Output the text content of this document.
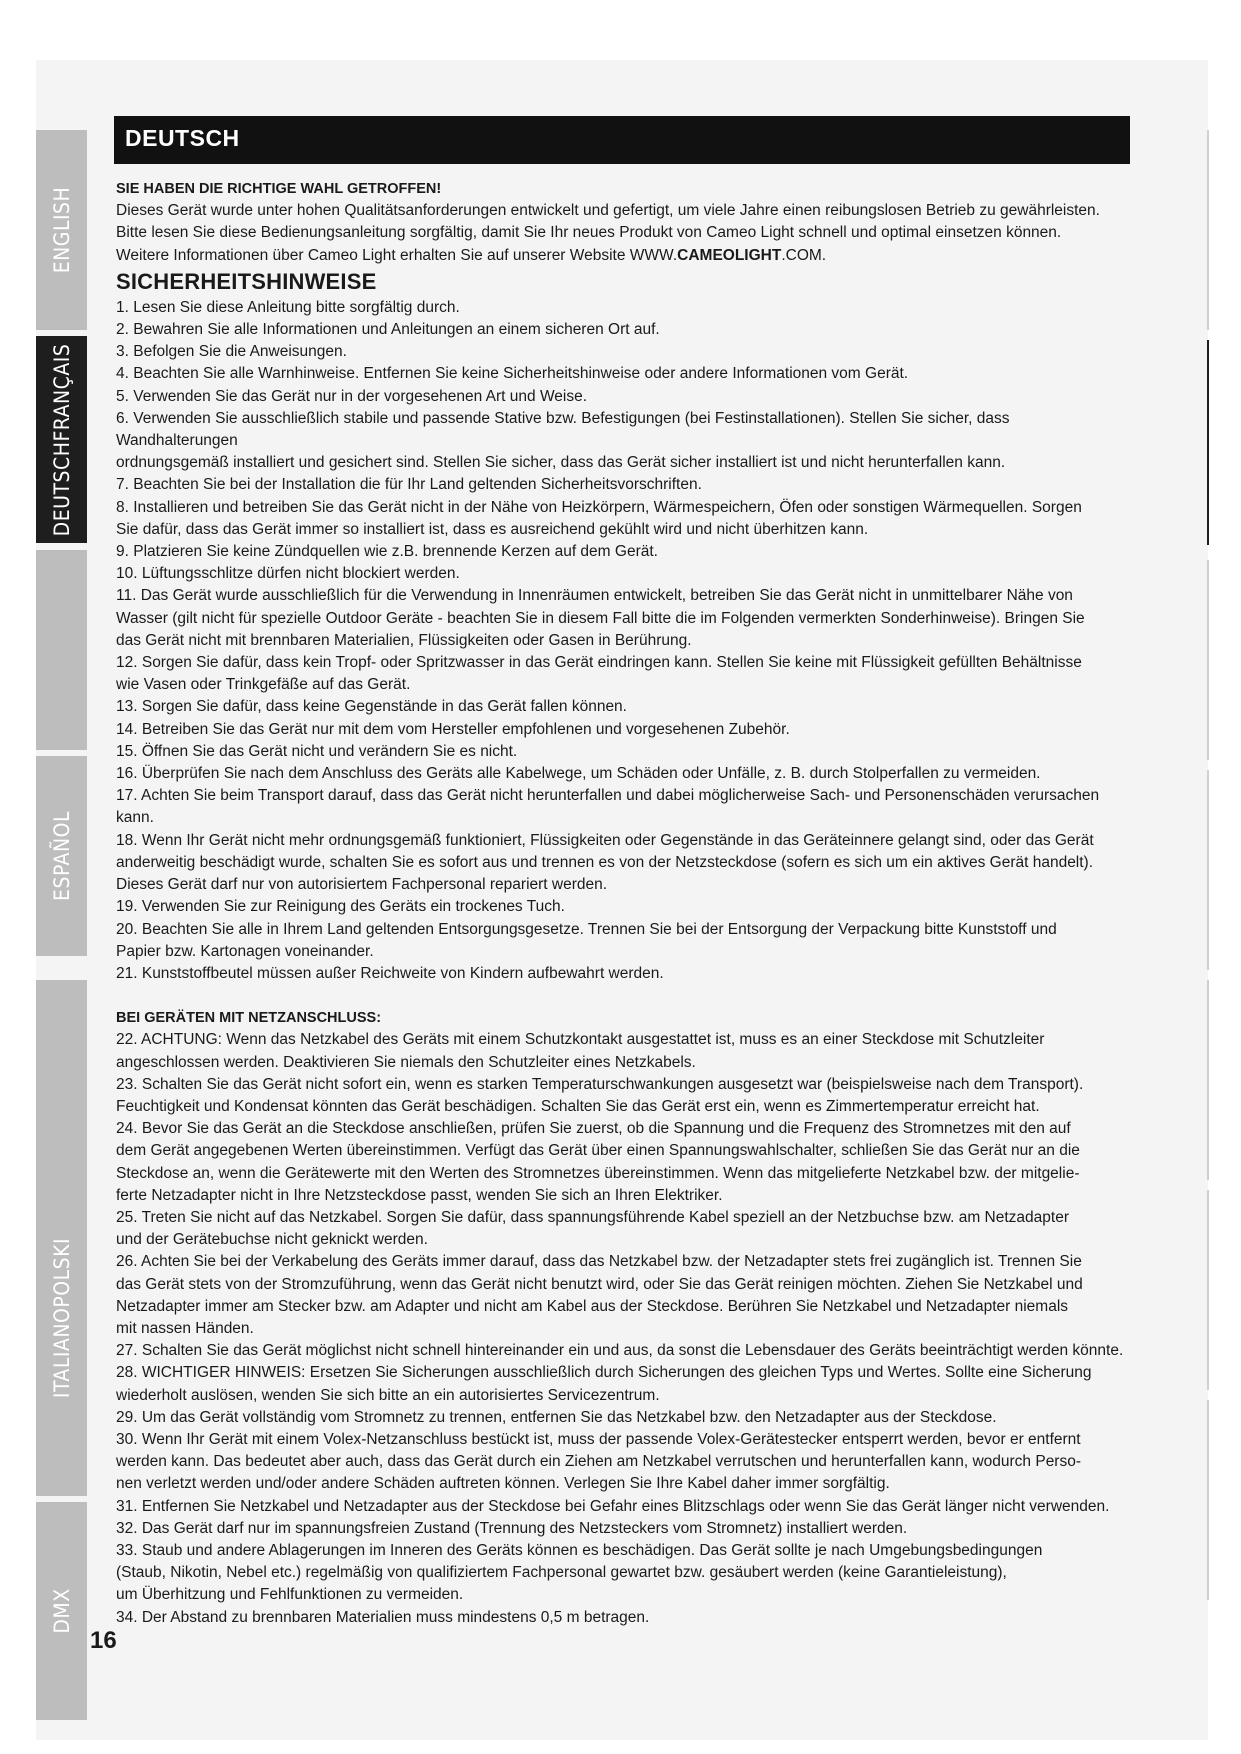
ENGLISH
DEUTSCHFRANÇAIS
ESPAÑOL
ITALIANOPOLSKI
DMX
DEUTSCH

SIE HABEN DIE RICHTIGE WAHL GETROFFEN!

Dieses Gerät wurde unter hohen Qualitätsanforderungen entwickelt und gefertigt, um viele Jahre einen reibungslosen Betrieb zu gewährleisten.

Bitte lesen Sie diese Bedienungsanleitung sorgfältig, damit Sie Ihr neues Produkt von Cameo Light schnell und optimal einsetzen können.

Weitere Informationen über Cameo Light erhalten Sie auf unserer Website WWW.CAMEOLIGHT.COM.

SICHERHEITSHINWEISE

1. Lesen Sie diese Anleitung bitte sorgfältig durch.

2. Bewahren Sie alle Informationen und Anleitungen an einem sicheren Ort auf.

3. Befolgen Sie die Anweisungen.

4. Beachten Sie alle Warnhinweise. Entfernen Sie keine Sicherheitshinweise oder andere Informationen vom Gerät.

5. Verwenden Sie das Gerät nur in der vorgesehenen Art und Weise.

6. Verwenden Sie ausschließlich stabile und passende Stative bzw. Befestigungen (bei Festinstallationen). Stellen Sie sicher, dass Wandhalterungen

ordnungsgemäß installiert und gesichert sind. Stellen Sie sicher, dass das Gerät sicher installiert ist und nicht herunterfallen kann.

7. Beachten Sie bei der Installation die für Ihr Land geltenden Sicherheitsvorschriften.

8. Installieren und betreiben Sie das Gerät nicht in der Nähe von Heizkörpern, Wärmespeichern, Öfen oder sonstigen Wärmequellen. Sorgen

Sie dafür, dass das Gerät immer so installiert ist, dass es ausreichend gekühlt wird und nicht überhitzen kann.

9. Platzieren Sie keine Zündquellen wie z.B. brennende Kerzen auf dem Gerät.

10. Lüftungsschlitze dürfen nicht blockiert werden.

11. Das Gerät wurde ausschließlich für die Verwendung in Innenräumen entwickelt, betreiben Sie das Gerät nicht in unmittelbarer Nähe von

Wasser (gilt nicht für spezielle Outdoor Geräte - beachten Sie in diesem Fall bitte die im Folgenden vermerkten Sonderhinweise). Bringen Sie

das Gerät nicht mit brennbaren Materialien, Flüssigkeiten oder Gasen in Berührung.

12. Sorgen Sie dafür, dass kein Tropf- oder Spritzwasser in das Gerät eindringen kann. Stellen Sie keine mit Flüssigkeit gefüllten Behältnisse

wie Vasen oder Trinkgefäße auf das Gerät.

13. Sorgen Sie dafür, dass keine Gegenstände in das Gerät fallen können.

14. Betreiben Sie das Gerät nur mit dem vom Hersteller empfohlenen und vorgesehenen Zubehör.

15. Öffnen Sie das Gerät nicht und verändern Sie es nicht.

16. Überprüfen Sie nach dem Anschluss des Geräts alle Kabelwege, um Schäden oder Unfälle, z. B. durch Stolperfallen zu vermeiden.

17. Achten Sie beim Transport darauf, dass das Gerät nicht herunterfallen und dabei möglicherweise Sach- und Personenschäden verursachen kann.

18. Wenn Ihr Gerät nicht mehr ordnungsgemäß funktioniert, Flüssigkeiten oder Gegenstände in das Geräteinnere gelangt sind, oder das Gerät

anderweitig beschädigt wurde, schalten Sie es sofort aus und trennen es von der Netzsteckdose (sofern es sich um ein aktives Gerät handelt).

Dieses Gerät darf nur von autorisiertem Fachpersonal repariert werden.

19. Verwenden Sie zur Reinigung des Geräts ein trockenes Tuch.

20. Beachten Sie alle in Ihrem Land geltenden Entsorgungsgesetze. Trennen Sie bei der Entsorgung der Verpackung bitte Kunststoff und

Papier bzw. Kartonagen voneinander.

21. Kunststoffbeutel müssen außer Reichweite von Kindern aufbewahrt werden.

BEI GERÄTEN MIT NETZANSCHLUSS:

22. ACHTUNG: Wenn das Netzkabel des Geräts mit einem Schutzkontakt ausgestattet ist, muss es an einer Steckdose mit Schutzleiter

angeschlossen werden. Deaktivieren Sie niemals den Schutzleiter eines Netzkabels.

23. Schalten Sie das Gerät nicht sofort ein, wenn es starken Temperaturschwankungen ausgesetzt war (beispielsweise nach dem Transport).

Feuchtigkeit und Kondensat könnten das Gerät beschädigen. Schalten Sie das Gerät erst ein, wenn es Zimmertemperatur erreicht hat.

24. Bevor Sie das Gerät an die Steckdose anschließen, prüfen Sie zuerst, ob die Spannung und die Frequenz des Stromnetzes mit den auf

dem Gerät angegebenen Werten übereinstimmen. Verfügt das Gerät über einen Spannungswahlschalter, schließen Sie das Gerät nur an die

Steckdose an, wenn die Gerätewerte mit den Werten des Stromnetzes übereinstimmen. Wenn das mitgelieferte Netzkabel bzw. der mitgelie-

ferte Netzadapter nicht in Ihre Netzsteckdose passt, wenden Sie sich an Ihren Elektriker.

25. Treten Sie nicht auf das Netzkabel. Sorgen Sie dafür, dass spannungsführende Kabel speziell an der Netzbuchse bzw. am Netzadapter

und der Gerätebuchse nicht geknickt werden.

26. Achten Sie bei der Verkabelung des Geräts immer darauf, dass das Netzkabel bzw. der Netzadapter stets frei zugänglich ist. Trennen Sie

das Gerät stets von der Stromzuführung, wenn das Gerät nicht benutzt wird, oder Sie das Gerät reinigen möchten. Ziehen Sie Netzkabel und

Netzadapter immer am Stecker bzw. am Adapter und nicht am Kabel aus der Steckdose. Berühren Sie Netzkabel und Netzadapter niemals

mit nassen Händen.

27. Schalten Sie das Gerät möglichst nicht schnell hintereinander ein und aus, da sonst die Lebensdauer des Geräts beeinträchtigt werden könnte.

28. WICHTIGER HINWEIS: Ersetzen Sie Sicherungen ausschließlich durch Sicherungen des gleichen Typs und Wertes. Sollte eine Sicherung

wiederholt auslösen, wenden Sie sich bitte an ein autorisiertes Servicezentrum.

29. Um das Gerät vollständig vom Stromnetz zu trennen, entfernen Sie das Netzkabel bzw. den Netzadapter aus der Steckdose.

30. Wenn Ihr Gerät mit einem Volex-Netzanschluss bestückt ist, muss der passende Volex-Gerätestecker entsperrt werden, bevor er entfernt

werden kann. Das bedeutet aber auch, dass das Gerät durch ein Ziehen am Netzkabel verrutschen und herunterfallen kann, wodurch Perso-

nen verletzt werden und/oder andere Schäden auftreten können. Verlegen Sie Ihre Kabel daher immer sorgfältig.

31. Entfernen Sie Netzkabel und Netzadapter aus der Steckdose bei Gefahr eines Blitzschlags oder wenn Sie das Gerät länger nicht verwenden.

32. Das Gerät darf nur im spannungsfreien Zustand (Trennung des Netzsteckers vom Stromnetz) installiert werden.

33. Staub und andere Ablagerungen im Inneren des Geräts können es beschädigen. Das Gerät sollte je nach Umgebungsbedingungen

(Staub, Nikotin, Nebel etc.) regelmäßig von qualifiziertem Fachpersonal gewartet bzw. gesäubert werden (keine Garantieleistung),

um Überhitzung und Fehlfunktionen zu vermeiden.

34. Der Abstand zu brennbaren Materialien muss mindestens 0,5 m betragen.

16
